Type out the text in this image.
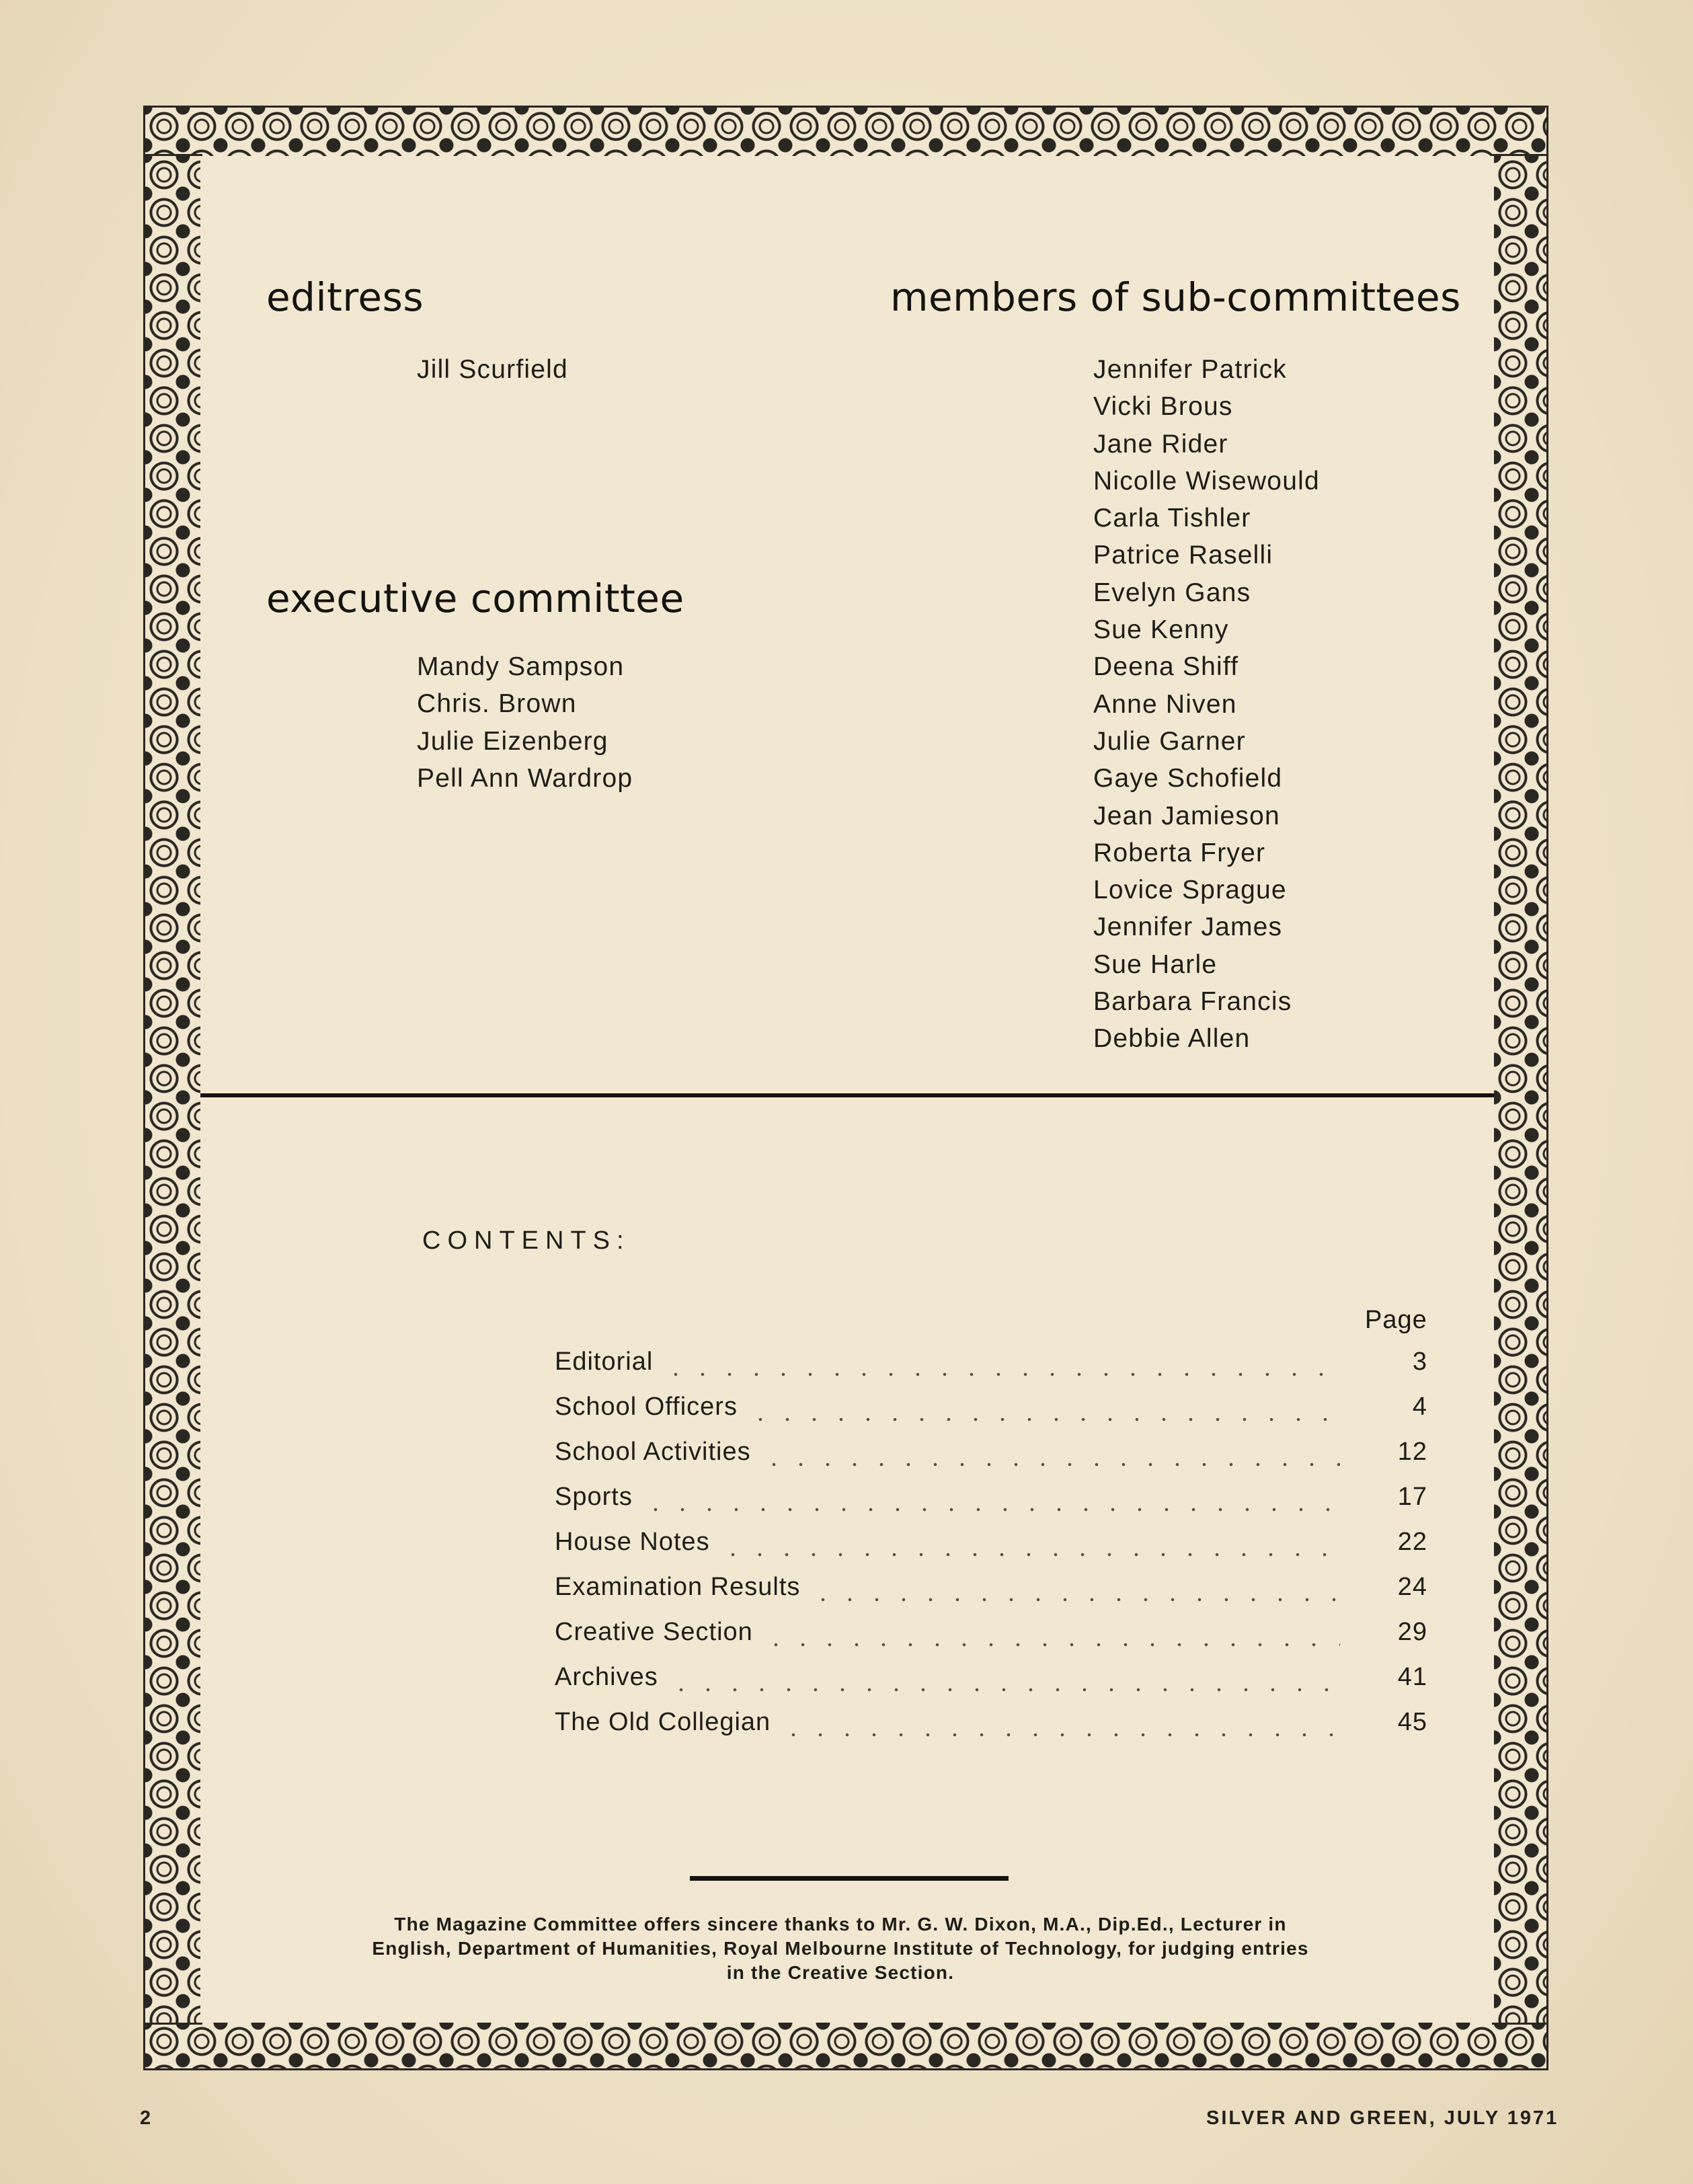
editress
Jill Scurfield
executive committee
Mandy Sampson
Chris. Brown
Julie Eizenberg
Pell Ann Wardrop
members of sub-committees
Jennifer Patrick
Vicki Brous
Jane Rider
Nicolle Wisewould
Carla Tishler
Patrice Raselli
Evelyn Gans
Sue Kenny
Deena Shiff
Anne Niven
Julie Garner
Gaye Schofield
Jean Jamieson
Roberta Fryer
Lovice Sprague
Jennifer James
Sue Harle
Barbara Francis
Debbie Allen
CONTENTS:
Page
Editorial	3
School Officers	4
School Activities	12
Sports	17
House Notes	22
Examination Results	24
Creative Section	29
Archives	41
The Old Collegian	45
The Magazine Committee offers sincere thanks to Mr. G. W. Dixon, M.A., Dip.Ed., Lecturer in
English, Department of Humanities, Royal Melbourne Institute of Technology, for judging entries
in the Creative Section.
2	SILVER AND GREEN, JULY 1971
